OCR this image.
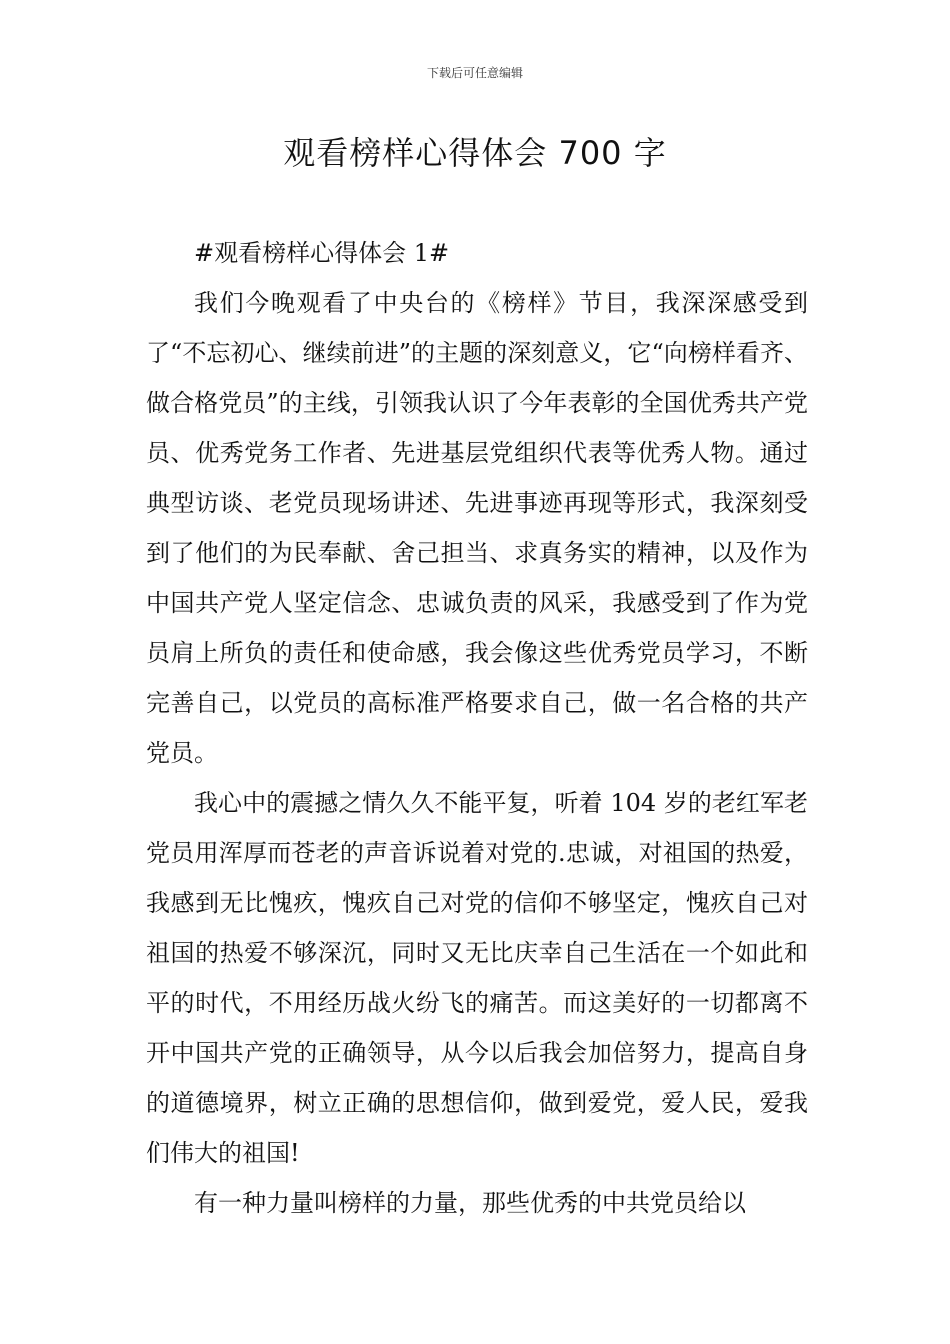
下载后可任意编辑
观看榜样心得体会 700 字

#观看榜样心得体会 1#

我们今晚观看了中央台的《榜样》节目，我深深感受到了“不忘初心、继续前进”的主题的深刻意义，它“向榜样看齐、做合格党员”的主线，引领我认识了今年表彰的全国优秀共产党员、优秀党务工作者、先进基层党组织代表等优秀人物。通过典型访谈、老党员现场讲述、先进事迹再现等形式，我深刻受到了他们的为民奉献、舍己担当、求真务实的精神，以及作为中国共产党人坚定信念、忠诚负责的风采，我感受到了作为党员肩上所负的责任和使命感，我会像这些优秀党员学习，不断完善自己，以党员的高标准严格要求自己，做一名合格的共产党员。

我心中的震撼之情久久不能平复，听着 104 岁的老红军老党员用浑厚而苍老的声音诉说着对党的.忠诚，对祖国的热爱，我感到无比愧疚，愧疚自己对党的信仰不够坚定，愧疚自己对祖国的热爱不够深沉，同时又无比庆幸自己生活在一个如此和平的时代，不用经历战火纷飞的痛苦。而这美好的一切都离不开中国共产党的正确领导，从今以后我会加倍努力，提高自身的道德境界，树立正确的思想信仰，做到爱党，爱人民，爱我们伟大的祖国!

有一种力量叫榜样的力量，那些优秀的中共党员给以
